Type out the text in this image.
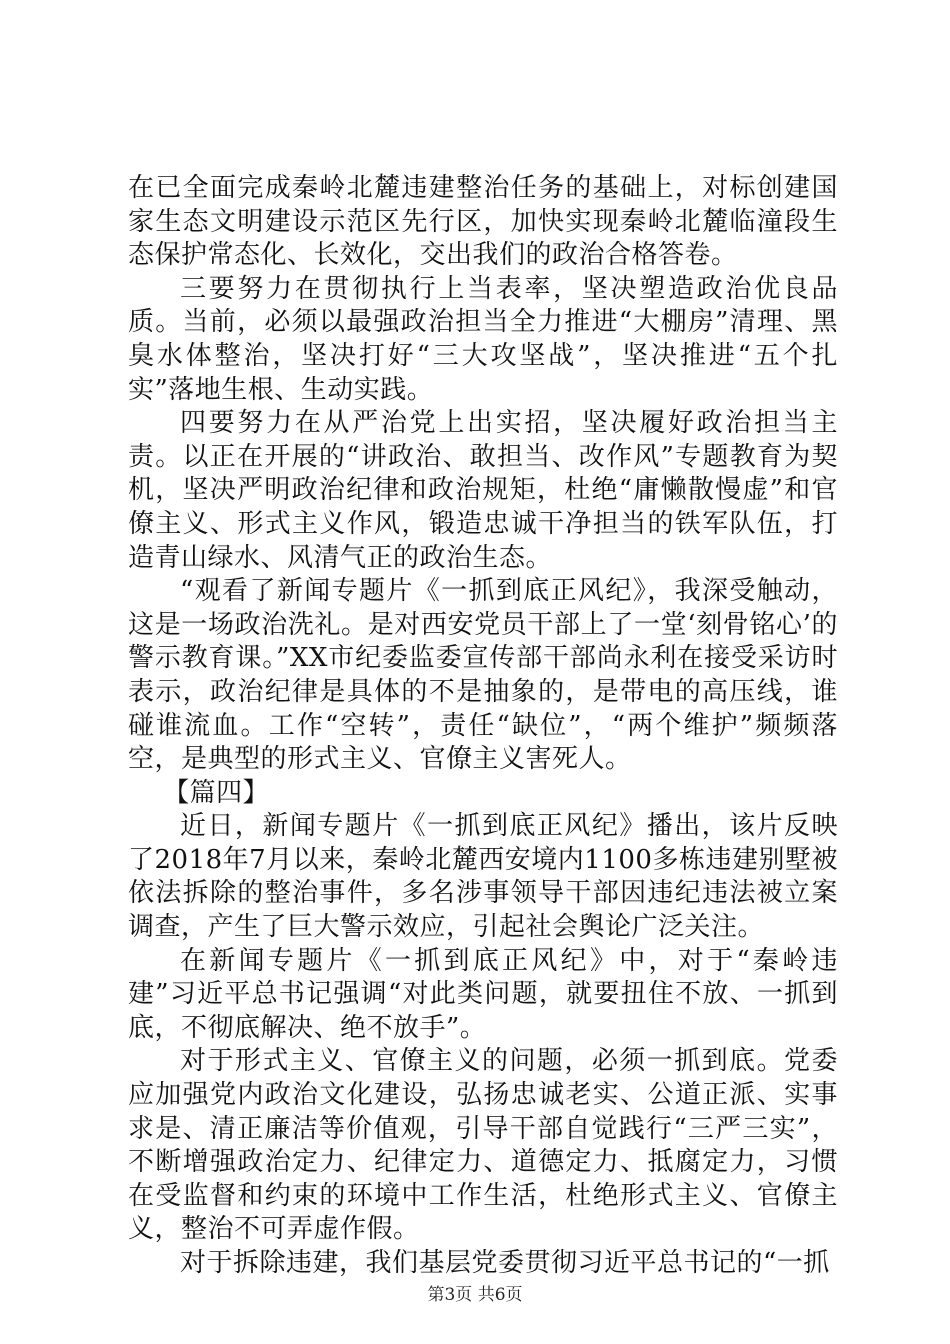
在已全面完成秦岭北麓违建整治任务的基础上，对标创建国家生态文明建设示范区先行区，加快实现秦岭北麓临潼段生态保护常态化、长效化，交出我们的政治合格答卷。

三要努力在贯彻执行上当表率，坚决塑造政治优良品质。当前，必须以最强政治担当全力推进“大棚房”清理、黑臭水体整治，坚决打好“三大攻坚战”，坚决推进“五个扎实”落地生根、生动实践。

四要努力在从严治党上出实招，坚决履好政治担当主责。以正在开展的“讲政治、敢担当、改作风”专题教育为契机，坚决严明政治纪律和政治规矩，杜绝“庸懒散慢虚”和官僚主义、形式主义作风，锻造忠诚干净担当的铁军队伍，打造青山绿水、风清气正的政治生态。

“观看了新闻专题片《一抓到底正风纪》，我深受触动，这是一场政治洗礼。是对西安党员干部上了一堂‘刻骨铭心’的警示教育课。”XX市纪委监委宣传部干部尚永利在接受采访时表示，政治纪律是具体的不是抽象的，是带电的高压线，谁碰谁流血。工作“空转”，责任“缺位”，“两个维护”频频落空，是典型的形式主义、官僚主义害死人。

【篇四】

近日，新闻专题片《一抓到底正风纪》播出，该片反映了2018年7月以来，秦岭北麓西安境内1100多栋违建别墅被依法拆除的整治事件，多名涉事领导干部因违纪违法被立案调查，产生了巨大警示效应，引起社会舆论广泛关注。

在新闻专题片《一抓到底正风纪》中，对于“秦岭违建”习近平总书记强调“对此类问题，就要扭住不放、一抓到底，不彻底解决、绝不放手”。

对于形式主义、官僚主义的问题，必须一抓到底。党委应加强党内政治文化建设，弘扬忠诚老实、公道正派、实事求是、清正廉洁等价值观，引导干部自觉践行“三严三实”，不断增强政治定力、纪律定力、道德定力、抵腐定力，习惯在受监督和约束的环境中工作生活，杜绝形式主义、官僚主义，整治不可弄虚作假。

对于拆除违建，我们基层党委贯彻习近平总书记的“一抓

第3页 共6页
